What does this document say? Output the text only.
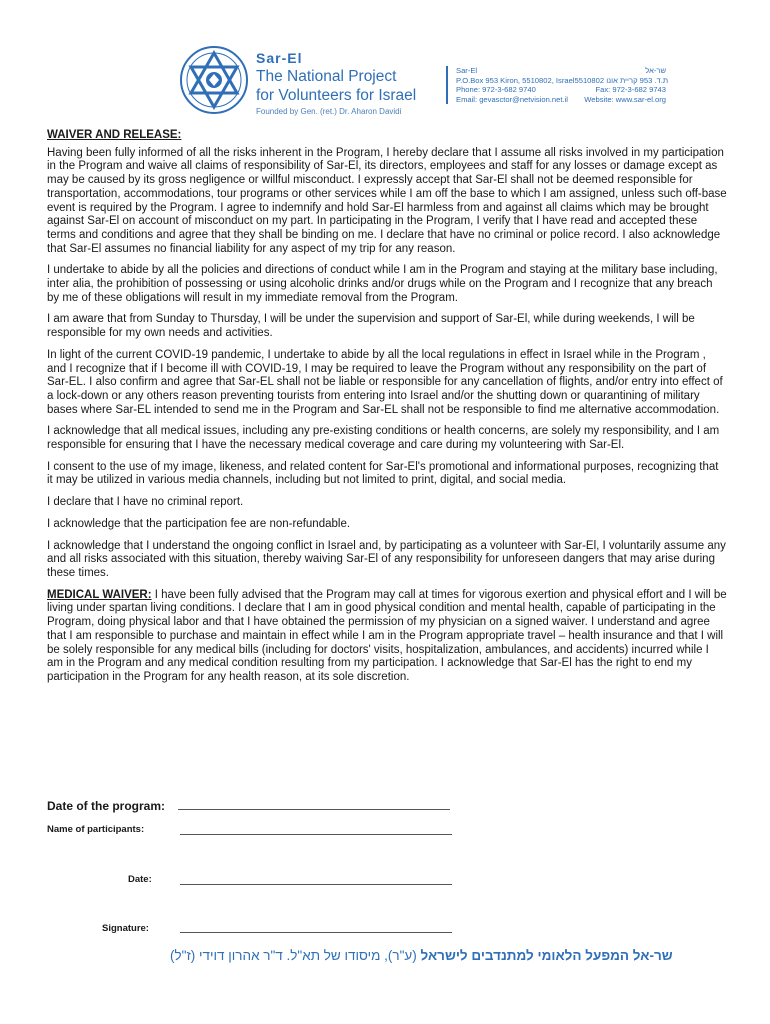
Sar-El
The National Project
for Volunteers for Israel
Founded by Gen. (ret.) Dr. Aharon Davidi
Sar-El	שר-אל
P.O.Box 953 Kiron, 5510802, Israel ת.ד. 953 קריית אונו 5510802
Phone: 972-3-682 9740	Fax: 972-3-682 9743
Email: gevasctor@netvision.net.il Website: www.sar-el.org

WAIVER AND RELEASE:

Having been fully informed of all the risks inherent in the Program, I hereby declare that I assume all risks involved in my participation in the Program and waive all claims of responsibility of Sar-El, its directors, employees and staff for any losses or damage except as may be caused by its gross negligence or willful misconduct. I expressly accept that Sar-El shall not be deemed responsible for transportation, accommodations, tour programs or other services while I am off the base to which I am assigned, unless such off-base event is required by the Program. I agree to indemnify and hold Sar-El harmless from and against all claims which may be brought against Sar-El on account of misconduct on my part. In participating in the Program, I verify that I have read and accepted these terms and conditions and agree that they shall be binding on me. I declare that have no criminal or police record. I also acknowledge that Sar-El assumes no financial liability for any aspect of my trip for any reason.

I undertake to abide by all the policies and directions of conduct while I am in the Program and staying at the military base including, inter alia, the prohibition of possessing or using alcoholic drinks and/or drugs while on the Program and I recognize that any breach by me of these obligations will result in my immediate removal from the Program.

I am aware that from Sunday to Thursday, I will be under the supervision and support of Sar-El, while during weekends, I will be responsible for my own needs and activities.

In light of the current COVID-19 pandemic, I undertake to abide by all the local regulations in effect in Israel while in the Program , and I recognize that if I become ill with COVID-19, I may be required to leave the Program without any responsibility on the part of Sar-EL. I also confirm and agree that Sar-EL shall not be liable or responsible for any cancellation of flights, and/or entry into effect of a lock-down or any others reason preventing tourists from entering into Israel and/or the shutting down or quarantining of military bases where Sar-EL intended to send me in the Program and Sar-EL shall not be responsible to find me alternative accommodation.

I acknowledge that all medical issues, including any pre-existing conditions or health concerns, are solely my responsibility, and I am responsible for ensuring that I have the necessary medical coverage and care during my volunteering with Sar-El.

I consent to the use of my image, likeness, and related content for Sar-El's promotional and informational purposes, recognizing that it may be utilized in various media channels, including but not limited to print, digital, and social media.

I declare that I have no criminal report.

I acknowledge that the participation fee are non-refundable.

I acknowledge that I understand the ongoing conflict in Israel and, by participating as a volunteer with Sar-El, I voluntarily assume any and all risks associated with this situation, thereby waiving Sar-El of any responsibility for unforeseen dangers that may arise during these times.

MEDICAL WAIVER: I have been fully advised that the Program may call at times for vigorous exertion and physical effort and I will be living under spartan living conditions. I declare that I am in good physical condition and mental health, capable of participating in the Program, doing physical labor and that I have obtained the permission of my physician on a signed waiver. I understand and agree that I am responsible to purchase and maintain in effect while I am in the Program appropriate travel – health insurance and that I will be solely responsible for any medical bills (including for doctors' visits, hospitalization, ambulances, and accidents) incurred while I am in the Program and any medical condition resulting from my participation. I acknowledge that Sar-El has the right to end my participation in the Program for any health reason, at its sole discretion.

Date of the program:
Name of participants:
Date:
Signature:
שר-אל המפעל הלאומי למתנדבים לישראל (ע"ר), מיסודו של תא"ל. ד"ר אהרון דוידי (ז"ל)
